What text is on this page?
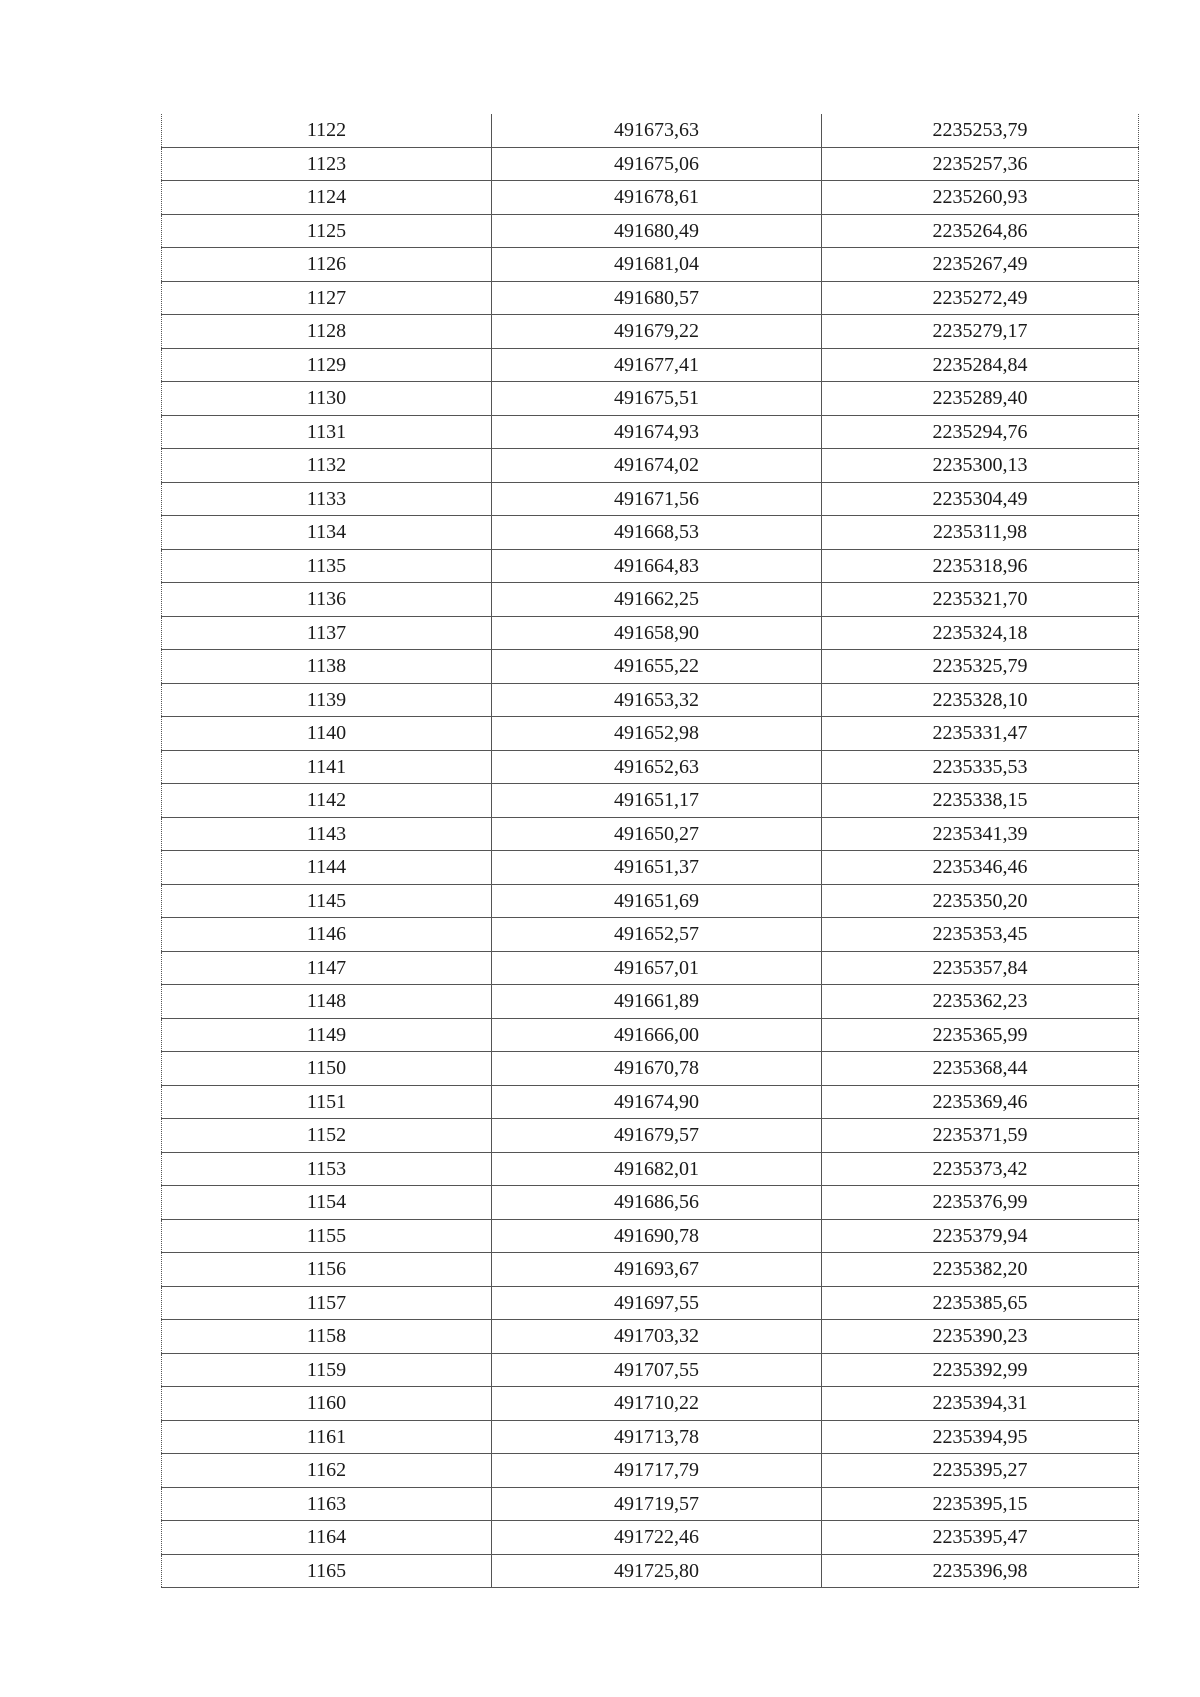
1122	491673,63	2235253,79
1123	491675,06	2235257,36
1124	491678,61	2235260,93
1125	491680,49	2235264,86
1126	491681,04	2235267,49
1127	491680,57	2235272,49
1128	491679,22	2235279,17
1129	491677,41	2235284,84
1130	491675,51	2235289,40
1131	491674,93	2235294,76
1132	491674,02	2235300,13
1133	491671,56	2235304,49
1134	491668,53	2235311,98
1135	491664,83	2235318,96
1136	491662,25	2235321,70
1137	491658,90	2235324,18
1138	491655,22	2235325,79
1139	491653,32	2235328,10
1140	491652,98	2235331,47
1141	491652,63	2235335,53
1142	491651,17	2235338,15
1143	491650,27	2235341,39
1144	491651,37	2235346,46
1145	491651,69	2235350,20
1146	491652,57	2235353,45
1147	491657,01	2235357,84
1148	491661,89	2235362,23
1149	491666,00	2235365,99
1150	491670,78	2235368,44
1151	491674,90	2235369,46
1152	491679,57	2235371,59
1153	491682,01	2235373,42
1154	491686,56	2235376,99
1155	491690,78	2235379,94
1156	491693,67	2235382,20
1157	491697,55	2235385,65
1158	491703,32	2235390,23
1159	491707,55	2235392,99
1160	491710,22	2235394,31
1161	491713,78	2235394,95
1162	491717,79	2235395,27
1163	491719,57	2235395,15
1164	491722,46	2235395,47
1165	491725,80	2235396,98
